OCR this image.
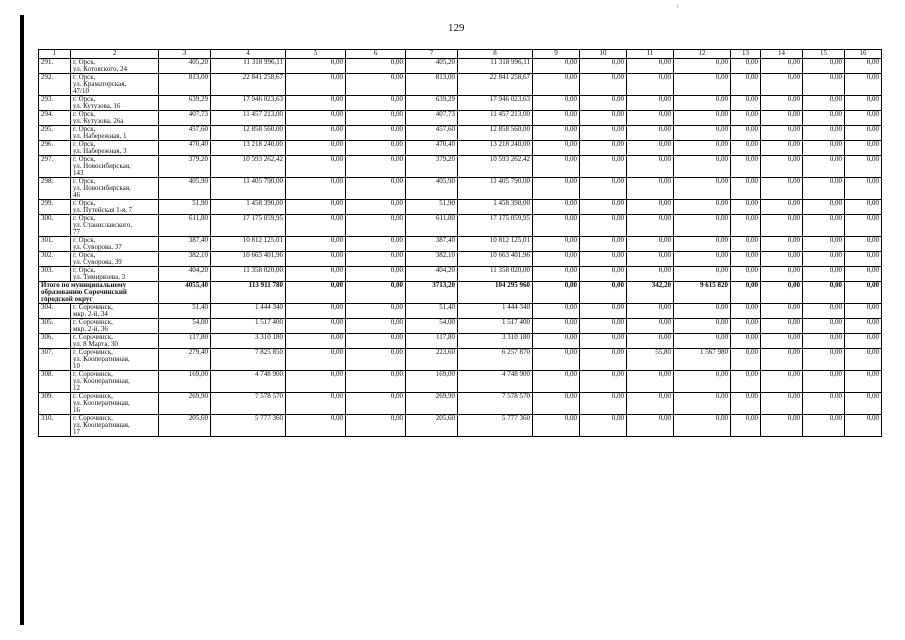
129
'
1	2	3	4	5	6	7	8	9	10	11	12	13	14	15	16
291.	г. Орск,
ул. Котовского, 24	405,20	11 318 996,11	0,00	0,00	405,20	11 318 996,11	0,00	0,00	0,00	0,00	0,00	0,00	0,00	0,00
292.	г. Орск,
ул. Краматорская,
47/10	813,00	22 841 258,67	0,00	0,00	813,00	22 841 258,67	0,00	0,00	0,00	0,00	0,00	0,00	0,00	0,00
293.	г. Орск,
ул. Кутузова, 16	639,29	17 946 023,63	0,00	0,00	639,29	17 946 023,63	0,00	0,00	0,00	0,00	0,00	0,00	0,00	0,00
294.	г. Орск,
ул. Кутузова, 26а	407,73	11 457 213,00	0,00	0,00	407,73	11 457 213,00	0,00	0,00	0,00	0,00	0,00	0,00	0,00	0,00
295.	г. Орск,
ул. Набережная, 1	457,60	12 858 560,00	0,00	0,00	457,60	12 858 560,00	0,00	0,00	0,00	0,00	0,00	0,00	0,00	0,00
296.	г. Орск,
ул. Набережная, 3	470,40	13 218 240,00	0,00	0,00	470,40	13 218 240,00	0,00	0,00	0,00	0,00	0,00	0,00	0,00	0,00
297.	г. Орск,
ул. Новосибирская,
143	379,20	10 593 262,42	0,00	0,00	379,20	10 593 262,42	0,00	0,00	0,00	0,00	0,00	0,00	0,00	0,00
298.	г. Орск,
ул. Новосибирская,
46	405,90	11 405 790,00	0,00	0,00	405,90	11 405 790,00	0,00	0,00	0,00	0,00	0,00	0,00	0,00	0,00
299.	г. Орск,
ул. Путейская 1-я, 7	51,90	1 458 390,00	0,00	0,00	51,90	1 458 390,00	0,00	0,00	0,00	0,00	0,00	0,00	0,00	0,00
300.	г. Орск,
ул. Станиславского,
77	611,80	17 175 059,95	0,00	0,00	611,80	17 175 059,95	0,00	0,00	0,00	0,00	0,00	0,00	0,00	0,00
301.	г. Орск,
ул. Суворова, 37	387,40	10 812 125,01	0,00	0,00	387,40	10 812 125,01	0,00	0,00	0,00	0,00	0,00	0,00	0,00	0,00
302.	г. Орск,
ул. Суворова, 39	382,10	10 663 401,96	0,00	0,00	382,10	10 663 401,96	0,00	0,00	0,00	0,00	0,00	0,00	0,00	0,00
303.	г. Орск,
ул. Тимирязева, 3	404,20	11 358 020,00	0,00	0,00	404,20	11 358 020,00	0,00	0,00	0,00	0,00	0,00	0,00	0,00	0,00

Итого по муниципальному
образованию Сорочинский
городской округ		4055,40	113 911 780	0,00	0,00	3713,20	104 295 960	0,00	0,00	342,20	9 615 820	0,00	0,00	0,00	0,00
304.	г. Сорочинск,
мкр. 2-й, 34	51,40	1 444 340	0,00	0,00	51,40	1 444 340	0,00	0,00	0,00	0,00	0,00	0,00	0,00	0,00
305.	г. Сорочинск,
мкр. 2-й, 36	54,00	1 517 400	0,00	0,00	54,00	1 517 400	0,00	0,00	0,00	0,00	0,00	0,00	0,00	0,00
306.	г. Сорочинск,
ул. 8 Марта, 30	117,80	3 310 180	0,00	0,00	117,80	3 310 180	0,00	0,00	0,00	0,00	0,00	0,00	0,00	0,00
307.	г. Сорочинск,
ул. Кооперативная,
10	279,40	7 825 850	0,00	0,00	223,60	6 257 870	0,00	0,00	55,80	1 567 980	0,00	0,00	0,00	0,00
308.	г. Сорочинск,
ул. Кооперативная,
12	169,00	4 748 900	0,00	0,00	169,00	4 748 900	0,00	0,00	0,00	0,00	0,00	0,00	0,00	0,00
309.	г. Сорочинск,
ул. Кооперативная,
16	269,90	7 578 570	0,00	0,00	269,90	7 578 570	0,00	0,00	0,00	0,00	0,00	0,00	0,00	0,00
310.	г. Сорочинск,
ул. Кооперативная,
17	205,60	5 777 360	0,00	0,00	205,60	5 777 360	0,00	0,00	0,00	0,00	0,00	0,00	0,00	0,00
